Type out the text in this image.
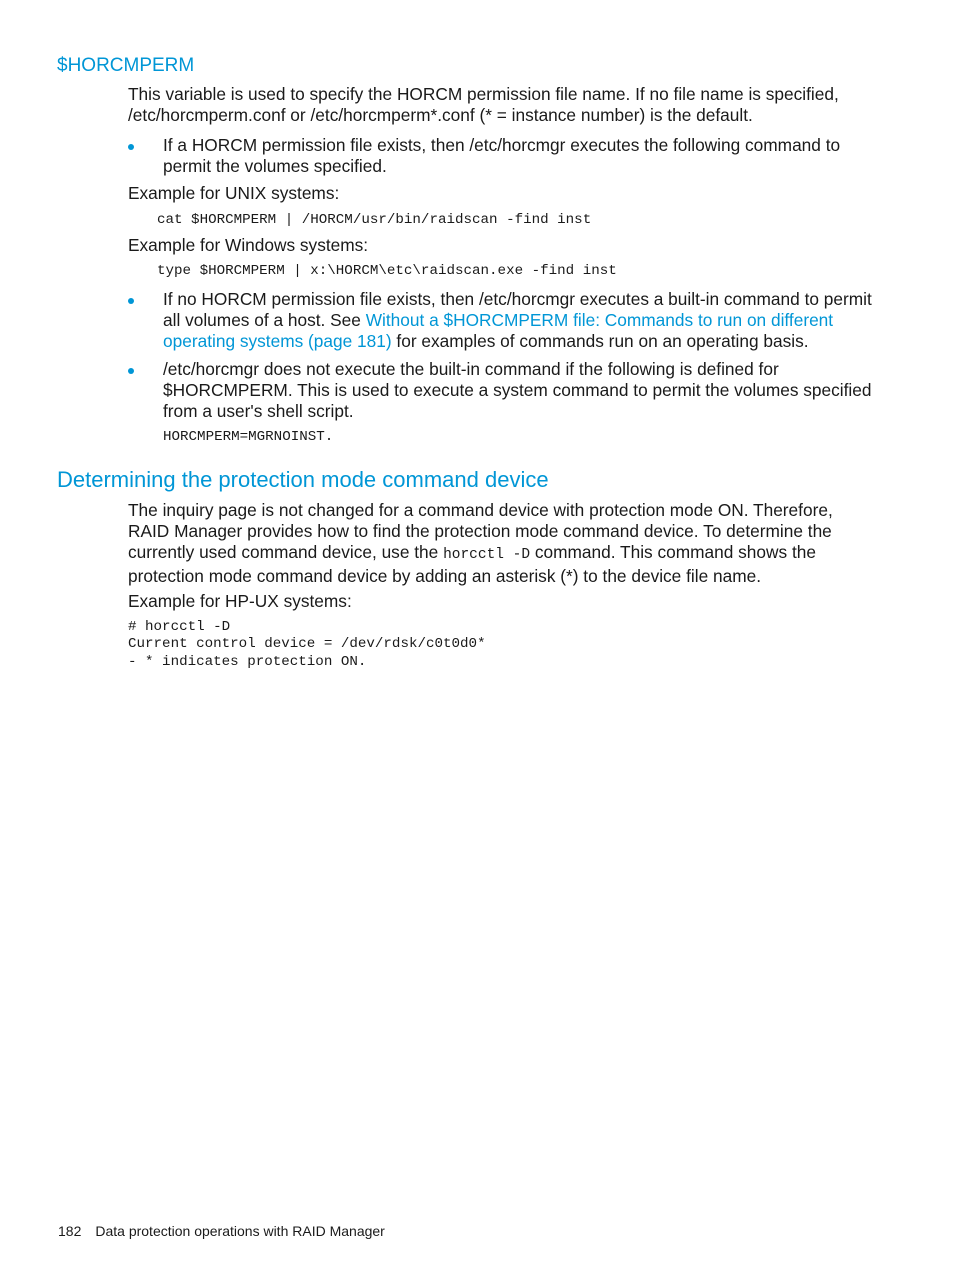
$HORCMPERM

This variable is used to specify the HORCM permission file name. If no file name is specified,

/etc/horcmperm.conf or /etc/horcmperm*.conf (* = instance number) is the default.

If a HORCM permission file exists, then /etc/horcmgr executes the following command to

permit the volumes specified.

Example for UNIX systems:

cat $HORCMPERM | /HORCM/usr/bin/raidscan -find inst

Example for Windows systems:

type $HORCMPERM | x:\HORCM\etc\raidscan.exe -find inst

If no HORCM permission file exists, then /etc/horcmgr executes a built-in command to permit

all volumes of a host. See Without a $HORCMPERM file: Commands to run on different

operating systems (page 181) for examples of commands run on an operating basis.

/etc/horcmgr does not execute the built-in command if the following is defined for

$HORCMPERM. This is used to execute a system command to permit the volumes specified

from a user's shell script.

HORCMPERM=MGRNOINST.

Determining the protection mode command device

The inquiry page is not changed for a command device with protection mode ON. Therefore,

RAID Manager provides how to find the protection mode command device. To determine the

currently used command device, use the horcctl -D command. This command shows the

protection mode command device by adding an asterisk (*) to the device file name.

Example for HP-UX systems:

# horcctl -D

Current control device = /dev/rdsk/c0t0d0*

- * indicates protection ON.

182 Data protection operations with RAID Manager
